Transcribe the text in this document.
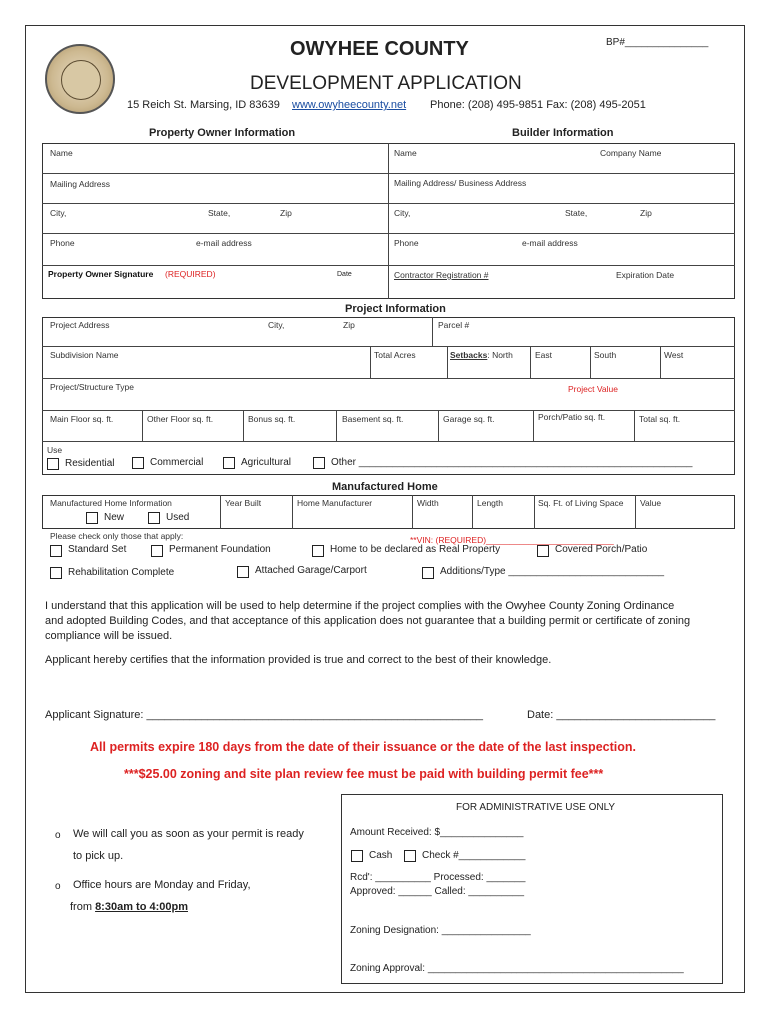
BP#_______________
OWYHEE COUNTY
DEVELOPMENT APPLICATION
15 Reich St. Marsing, ID 83639 www.owyheecounty.net Phone: (208) 495-9851 Fax: (208) 495-2051
Property Owner Information	Builder Information
Name
Mailing Address
City,	State,	Zip
Phone	e-mail address
Property Owner Signature (REQUIRED)	Date
Name	Company Name
Mailing Address/ Business Address
City,	State,	Zip
Phone	e-mail address
Contractor Registration #	Expiration Date
Project Information
Project Address	City,	Zip	Parcel #
Subdivision Name	Total Acres	Setbacks: North	East	South	West
Project/Structure Type	Project Value
Main Floor sq. ft.	Other Floor sq. ft.	Bonus sq. ft.	Basement sq. ft.	Garage sq. ft.	Porch/Patio sq. ft.	Total sq. ft.
Use
Residential	Commercial	Agricultural	Other ____________________________________________________________
Manufactured Home
Manufactured Home Information	Year Built	Home Manufacturer	Width	Length	Sq. Ft. of Living Space Value
New	Used
Please check only those that apply:	**VIN: (REQUIRED)___________________________
Standard Set	Permanent Foundation	Home to be declared as Real Property	Covered Porch/Patio
Rehabilitation Complete	Attached Garage/Carport	Additions/Type ____________________________
I understand that this application will be used to help determine if the project complies with the Owyhee County Zoning Ordinance
and adopted Building Codes, and that acceptance of this application does not guarantee that a building permit or certificate of zoning
compliance will be issued.
Applicant hereby certifies that the information provided is true and correct to the best of their knowledge.
Applicant Signature: _______________________________________________________	Date: __________________________
All permits expire 180 days from the date of their issuance or the date of the last inspection.
***$25.00 zoning and site plan review fee must be paid with building permit fee***
o We will call you as soon as your permit is ready
to pick up.
o Office hours are Monday and Friday,
from 8:30am to 4:00pm
FOR ADMINISTRATIVE USE ONLY
Amount Received: $_______________
Cash	Check #____________
Rcd': __________ Processed: _______
Approved: ______ Called: __________
Zoning Designation: ________________
Zoning Approval: ______________________________________________
